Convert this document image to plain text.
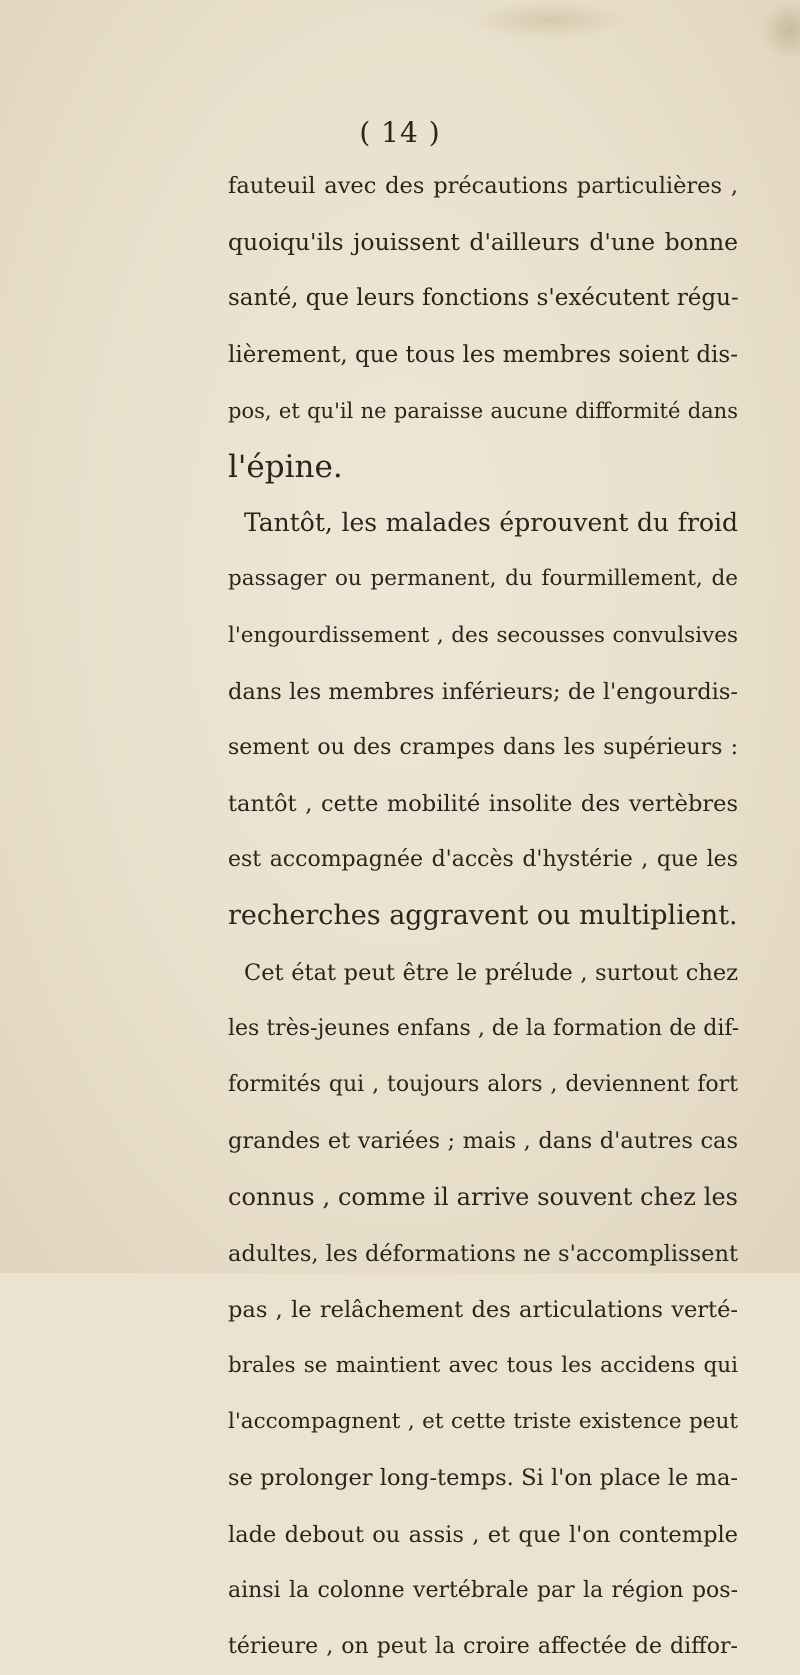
( 14 )
fauteuil avec des précautions particulières ,
quoiqu'ils jouissent d'ailleurs d'une bonne
santé, que leurs fonctions s'exécutent régu-
lièrement, que tous les membres soient dis-
pos, et qu'il ne paraisse aucune difformité dans
l'épine.
Tantôt, les malades éprouvent du froid
passager ou permanent, du fourmillement, de
l'engourdissement , des secousses convulsives
dans les membres inférieurs; de l'engourdis-
sement ou des crampes dans les supérieurs :
tantôt , cette mobilité insolite des vertèbres
est accompagnée d'accès d'hystérie , que les
recherches aggravent ou multiplient.
Cet état peut être le prélude , surtout chez
les très-jeunes enfans , de la formation de dif-
formités qui , toujours alors , deviennent fort
grandes et variées ; mais , dans d'autres cas
connus , comme il arrive souvent chez les
adultes, les déformations ne s'accomplissent
pas , le relâchement des articulations verté-
brales se maintient avec tous les accidens qui
l'accompagnent , et cette triste existence peut
se prolonger long-temps. Si l'on place le ma-
lade debout ou assis , et que l'on contemple
ainsi la colonne vertébrale par la région pos-
térieure , on peut la croire affectée de diffor-
